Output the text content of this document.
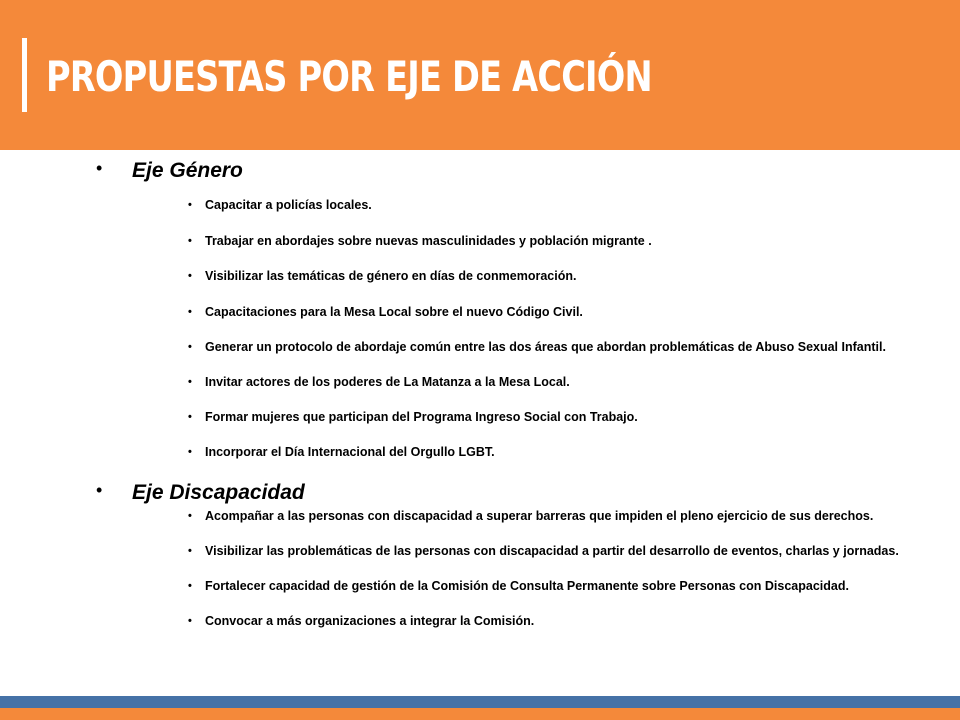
PROPUESTAS POR EJE DE ACCIÓN
• Eje Género
• Capacitar a policías locales.
• Trabajar en abordajes sobre nuevas masculinidades y población migrante .
• Visibilizar las temáticas de género en días de conmemoración.
• Capacitaciones para la Mesa Local sobre el nuevo Código Civil.
• Generar un protocolo de abordaje común entre las dos áreas que abordan problemáticas de Abuso Sexual Infantil.
• Invitar actores de los poderes de La Matanza a la Mesa Local.
• Formar mujeres que participan del Programa Ingreso Social con Trabajo.
• Incorporar el Día Internacional del Orgullo LGBT.
• Eje Discapacidad
• Acompañar a las personas con discapacidad a superar barreras que impiden el pleno ejercicio de sus derechos.
• Visibilizar las problemáticas de las personas con discapacidad a partir del desarrollo de eventos, charlas y jornadas.
• Fortalecer capacidad de gestión de la Comisión de Consulta Permanente sobre Personas con Discapacidad.
• Convocar a más organizaciones a integrar la Comisión.
